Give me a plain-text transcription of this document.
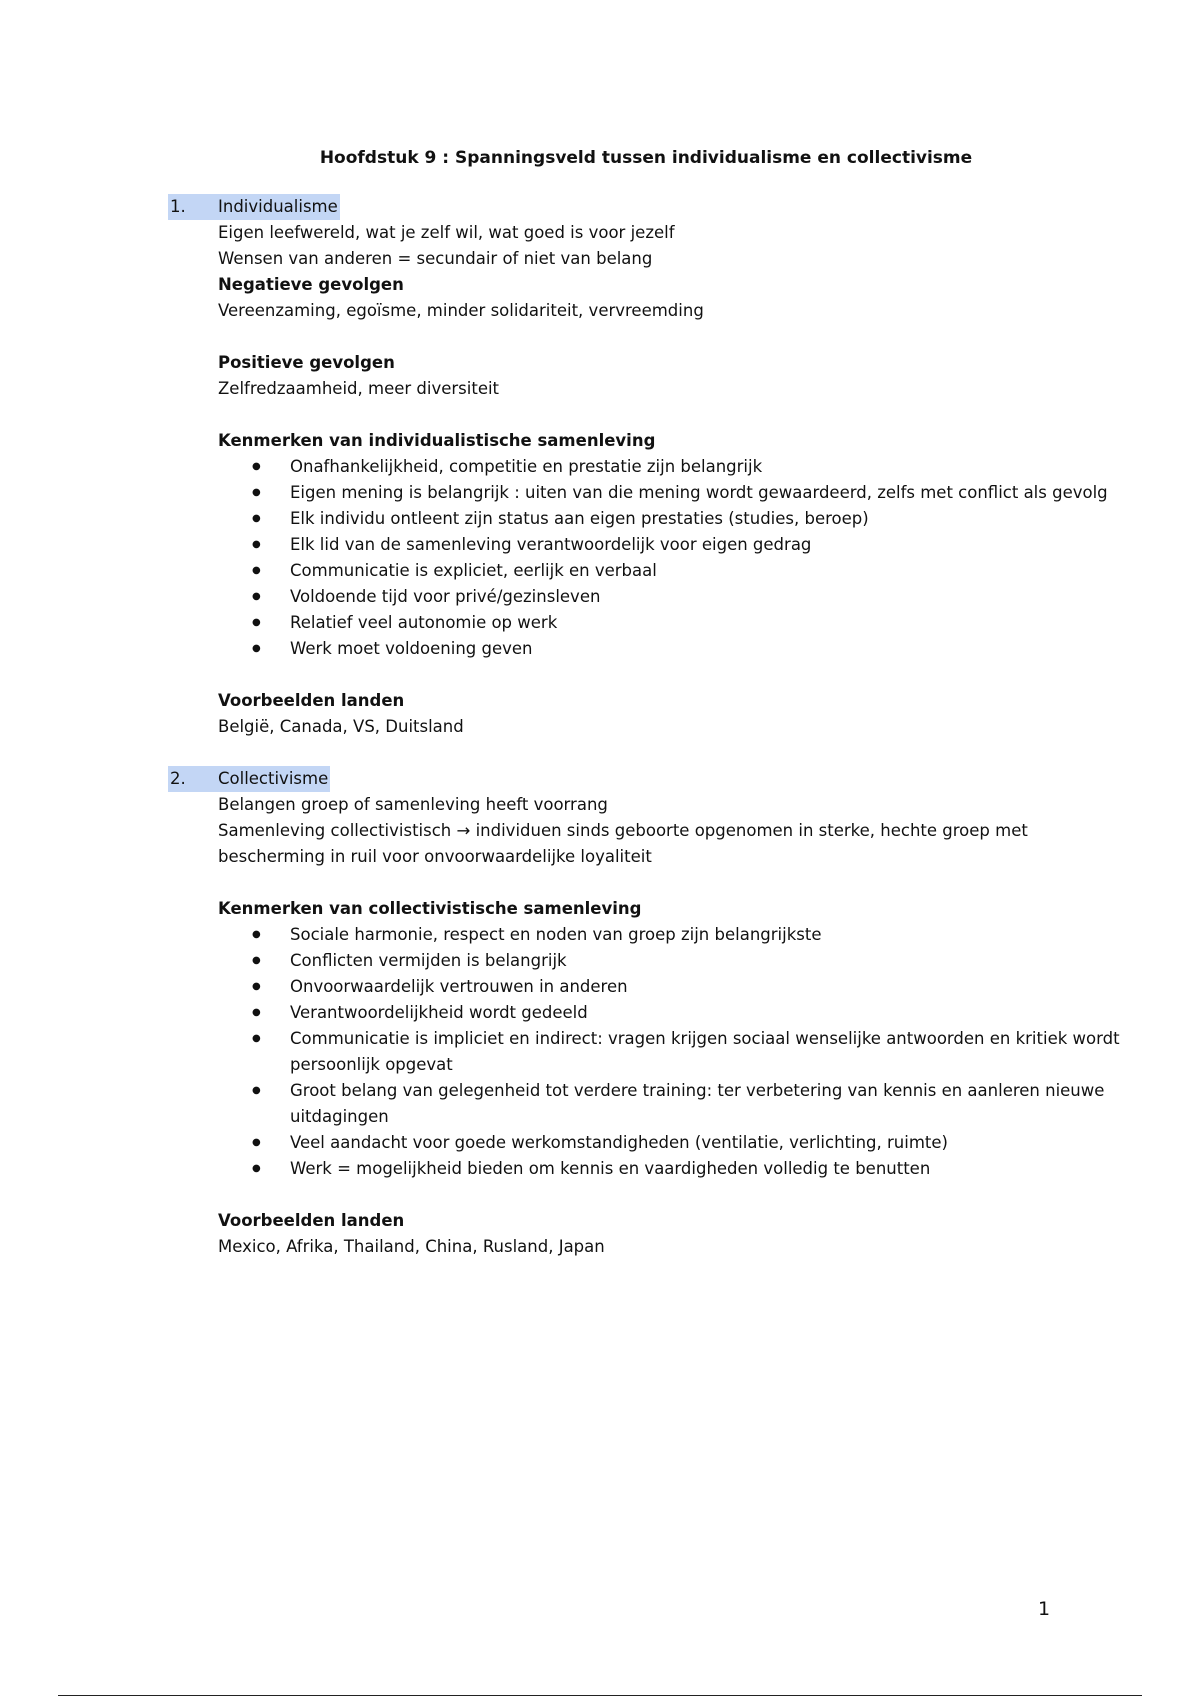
Hoofdstuk 9 : Spanningsveld tussen individualisme en collectivisme
1.	Individualisme
Eigen leefwereld, wat je zelf wil, wat goed is voor jezelf
Wensen van anderen = secundair of niet van belang
Negatieve gevolgen
Vereenzaming, egoïsme, minder solidariteit, vervreemding
Positieve gevolgen
Zelfredzaamheid, meer diversiteit
Kenmerken van individualistische samenleving
● Onafhankelijkheid, competitie en prestatie zijn belangrijk
● Eigen mening is belangrijk : uiten van die mening wordt gewaardeerd, zelfs met conflict als gevolg
● Elk individu ontleent zijn status aan eigen prestaties (studies, beroep)
● Elk lid van de samenleving verantwoordelijk voor eigen gedrag
● Communicatie is expliciet, eerlijk en verbaal
● Voldoende tijd voor privé/gezinsleven
● Relatief veel autonomie op werk
● Werk moet voldoening geven
Voorbeelden landen
België, Canada, VS, Duitsland
2.	Collectivisme
Belangen groep of samenleving heeft voorrang
Samenleving collectivistisch → individuen sinds geboorte opgenomen in sterke, hechte groep met
bescherming in ruil voor onvoorwaardelijke loyaliteit
Kenmerken van collectivistische samenleving
● Sociale harmonie, respect en noden van groep zijn belangrijkste
● Conflicten vermijden is belangrijk
● Onvoorwaardelijk vertrouwen in anderen
● Verantwoordelijkheid wordt gedeeld
● Communicatie is impliciet en indirect: vragen krijgen sociaal wenselijke antwoorden en kritiek wordt persoonlijk opgevat
● Groot belang van gelegenheid tot verdere training: ter verbetering van kennis en aanleren nieuwe uitdagingen
● Veel aandacht voor goede werkomstandigheden (ventilatie, verlichting, ruimte)
● Werk = mogelijkheid bieden om kennis en vaardigheden volledig te benutten
Voorbeelden landen
Mexico, Afrika, Thailand, China, Rusland, Japan
1
